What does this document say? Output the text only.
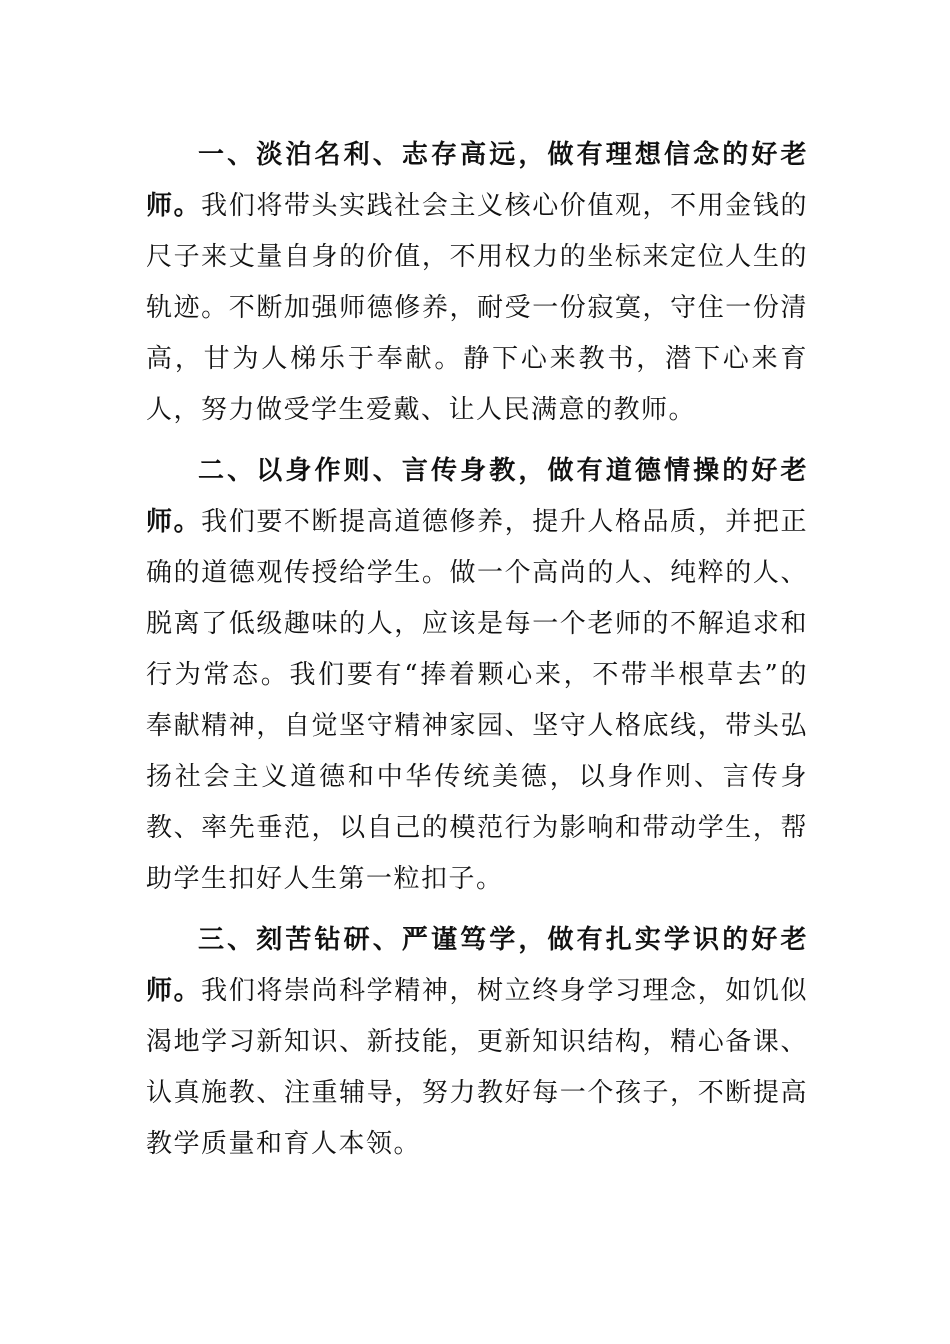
一、淡泊名利、志存高远，做有理想信念的好老师。我们将带头实践社会主义核心价值观，不用金钱的尺子来丈量自身的价值，不用权力的坐标来定位人生的轨迹。不断加强师德修养，耐受一份寂寞，守住一份清高，甘为人梯乐于奉献。静下心来教书，潜下心来育人，努力做受学生爱戴、让人民满意的教师。

二、以身作则、言传身教，做有道德情操的好老师。我们要不断提高道德修养，提升人格品质，并把正确的道德观传授给学生。做一个高尚的人、纯粹的人、脱离了低级趣味的人，应该是每一个老师的不解追求和行为常态。我们要有“捧着颗心来，不带半根草去”的奉献精神，自觉坚守精神家园、坚守人格底线，带头弘扬社会主义道德和中华传统美德，以身作则、言传身教、率先垂范，以自己的模范行为影响和带动学生，帮助学生扣好人生第一粒扣子。

三、刻苦钻研、严谨笃学，做有扎实学识的好老师。我们将崇尚科学精神，树立终身学习理念，如饥似渴地学习新知识、新技能，更新知识结构，精心备课、认真施教、注重辅导，努力教好每一个孩子，不断提高教学质量和育人本领。
